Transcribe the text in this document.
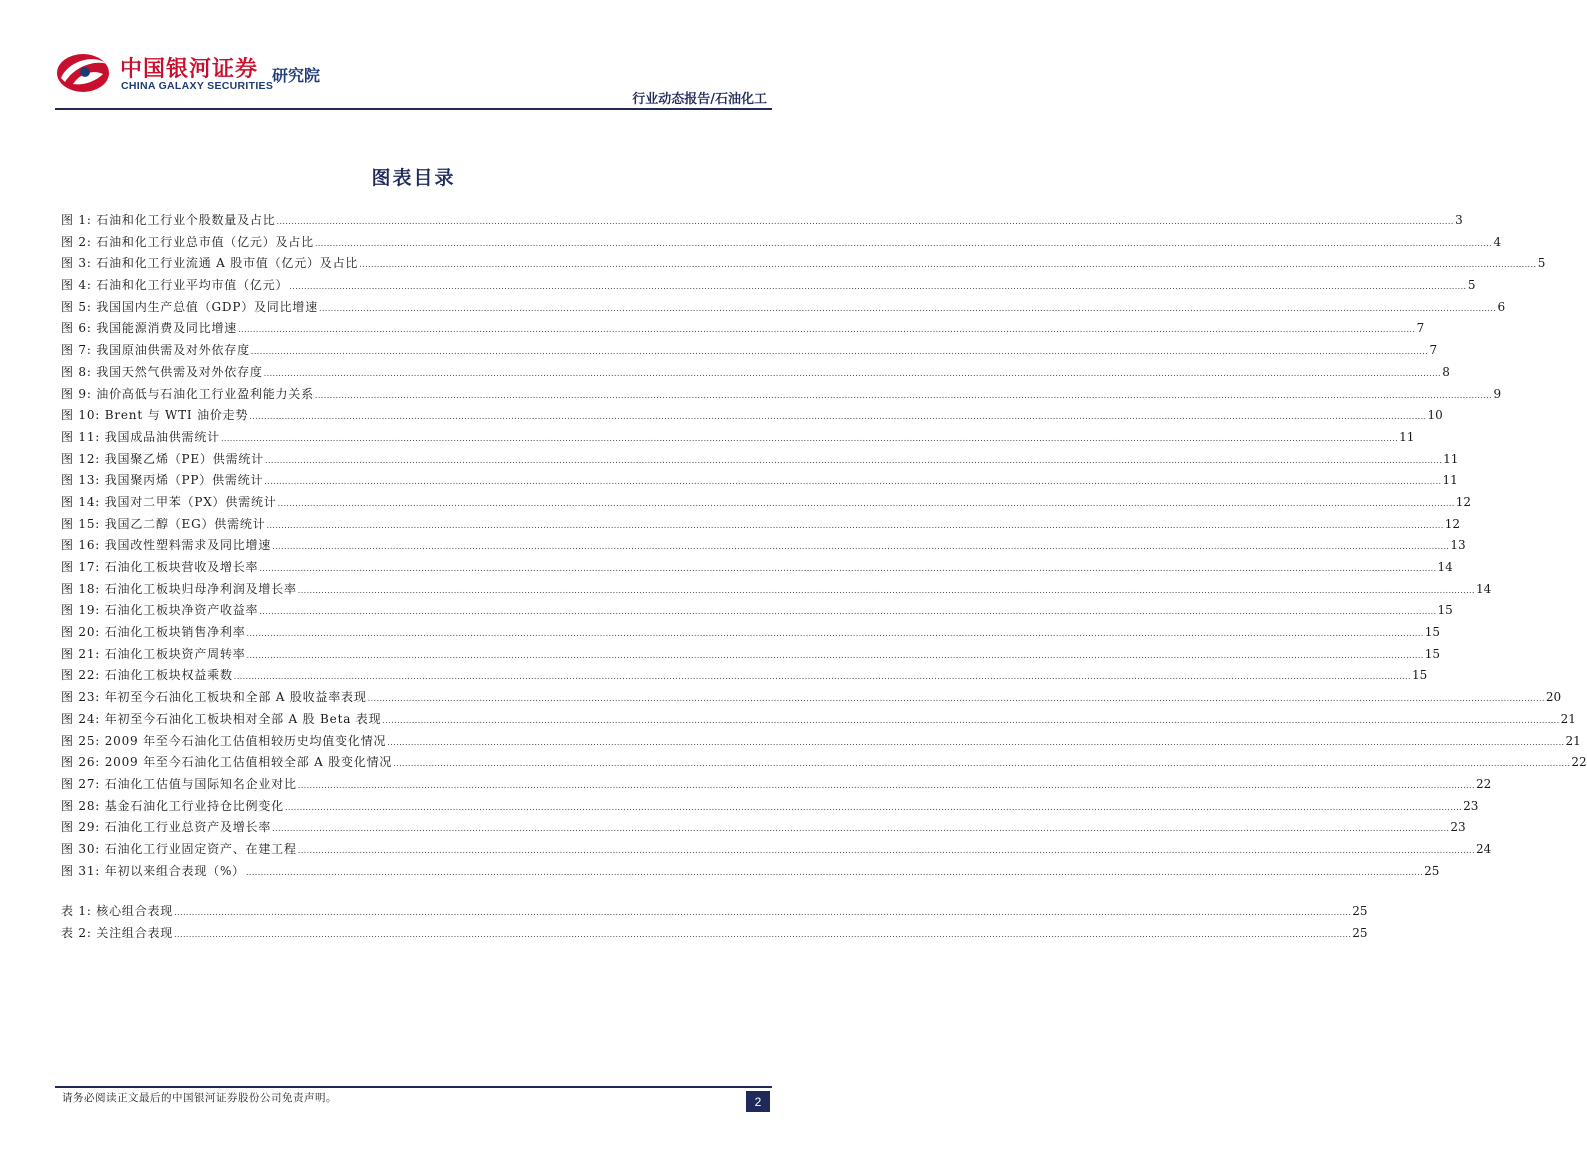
中国银河证券
CHINA GALAXY SECURITIES
研究院
行业动态报告/石油化工
图表目录
图 1: 石油和化工行业个股数量及占比 ................................................................................................................................................................................................................................................................................................................................................................................................................ 3
图 2: 石油和化工行业总市值（亿元）及占比 ................................................................................................................................................................................................................................................................................................................................................................................................................ 4
图 3: 石油和化工行业流通 A 股市值（亿元）及占比 ................................................................................................................................................................................................................................................................................................................................................................................................................ 5
图 4: 石油和化工行业平均市值（亿元） ................................................................................................................................................................................................................................................................................................................................................................................................................ 5
图 5: 我国国内生产总值（GDP）及同比增速 ................................................................................................................................................................................................................................................................................................................................................................................................................ 6
图 6: 我国能源消费及同比增速 ................................................................................................................................................................................................................................................................................................................................................................................................................ 7
图 7: 我国原油供需及对外依存度 ................................................................................................................................................................................................................................................................................................................................................................................................................ 7
图 8: 我国天然气供需及对外依存度 ................................................................................................................................................................................................................................................................................................................................................................................................................ 8
图 9: 油价高低与石油化工行业盈利能力关系 ................................................................................................................................................................................................................................................................................................................................................................................................................ 9
图 10: Brent 与 WTI 油价走势 ................................................................................................................................................................................................................................................................................................................................................................................................................ 10
图 11: 我国成品油供需统计 ................................................................................................................................................................................................................................................................................................................................................................................................................ 11
图 12: 我国聚乙烯（PE）供需统计 ................................................................................................................................................................................................................................................................................................................................................................................................................ 11
图 13: 我国聚丙烯（PP）供需统计 ................................................................................................................................................................................................................................................................................................................................................................................................................ 11
图 14: 我国对二甲苯（PX）供需统计 ................................................................................................................................................................................................................................................................................................................................................................................................................ 12
图 15: 我国乙二醇（EG）供需统计 ................................................................................................................................................................................................................................................................................................................................................................................................................ 12
图 16: 我国改性塑料需求及同比增速 ................................................................................................................................................................................................................................................................................................................................................................................................................ 13
图 17: 石油化工板块营收及增长率 ................................................................................................................................................................................................................................................................................................................................................................................................................ 14
图 18: 石油化工板块归母净利润及增长率 ................................................................................................................................................................................................................................................................................................................................................................................................................ 14
图 19: 石油化工板块净资产收益率 ................................................................................................................................................................................................................................................................................................................................................................................................................ 15
图 20: 石油化工板块销售净利率 ................................................................................................................................................................................................................................................................................................................................................................................................................ 15
图 21: 石油化工板块资产周转率 ................................................................................................................................................................................................................................................................................................................................................................................................................ 15
图 22: 石油化工板块权益乘数 ................................................................................................................................................................................................................................................................................................................................................................................................................ 15
图 23: 年初至今石油化工板块和全部 A 股收益率表现 ................................................................................................................................................................................................................................................................................................................................................................................................................ 20
图 24: 年初至今石油化工板块相对全部 A 股 Beta 表现 ................................................................................................................................................................................................................................................................................................................................................................................................................ 21
图 25: 2009 年至今石油化工估值相较历史均值变化情况 ................................................................................................................................................................................................................................................................................................................................................................................................................ 21
图 26: 2009 年至今石油化工估值相较全部 A 股变化情况 ................................................................................................................................................................................................................................................................................................................................................................................................................ 22
图 27: 石油化工估值与国际知名企业对比 ................................................................................................................................................................................................................................................................................................................................................................................................................ 22
图 28: 基金石油化工行业持仓比例变化 ................................................................................................................................................................................................................................................................................................................................................................................................................ 23
图 29: 石油化工行业总资产及增长率 ................................................................................................................................................................................................................................................................................................................................................................................................................ 23
图 30: 石油化工行业固定资产、在建工程 ................................................................................................................................................................................................................................................................................................................................................................................................................ 24
图 31: 年初以来组合表现（%） ................................................................................................................................................................................................................................................................................................................................................................................................................ 25
表 1: 核心组合表现 ................................................................................................................................................................................................................................................................................................................................................................................................................ 25
表 2: 关注组合表现 ................................................................................................................................................................................................................................................................................................................................................................................................................ 25
请务必阅读正文最后的中国银河证券股份公司免责声明。	2
